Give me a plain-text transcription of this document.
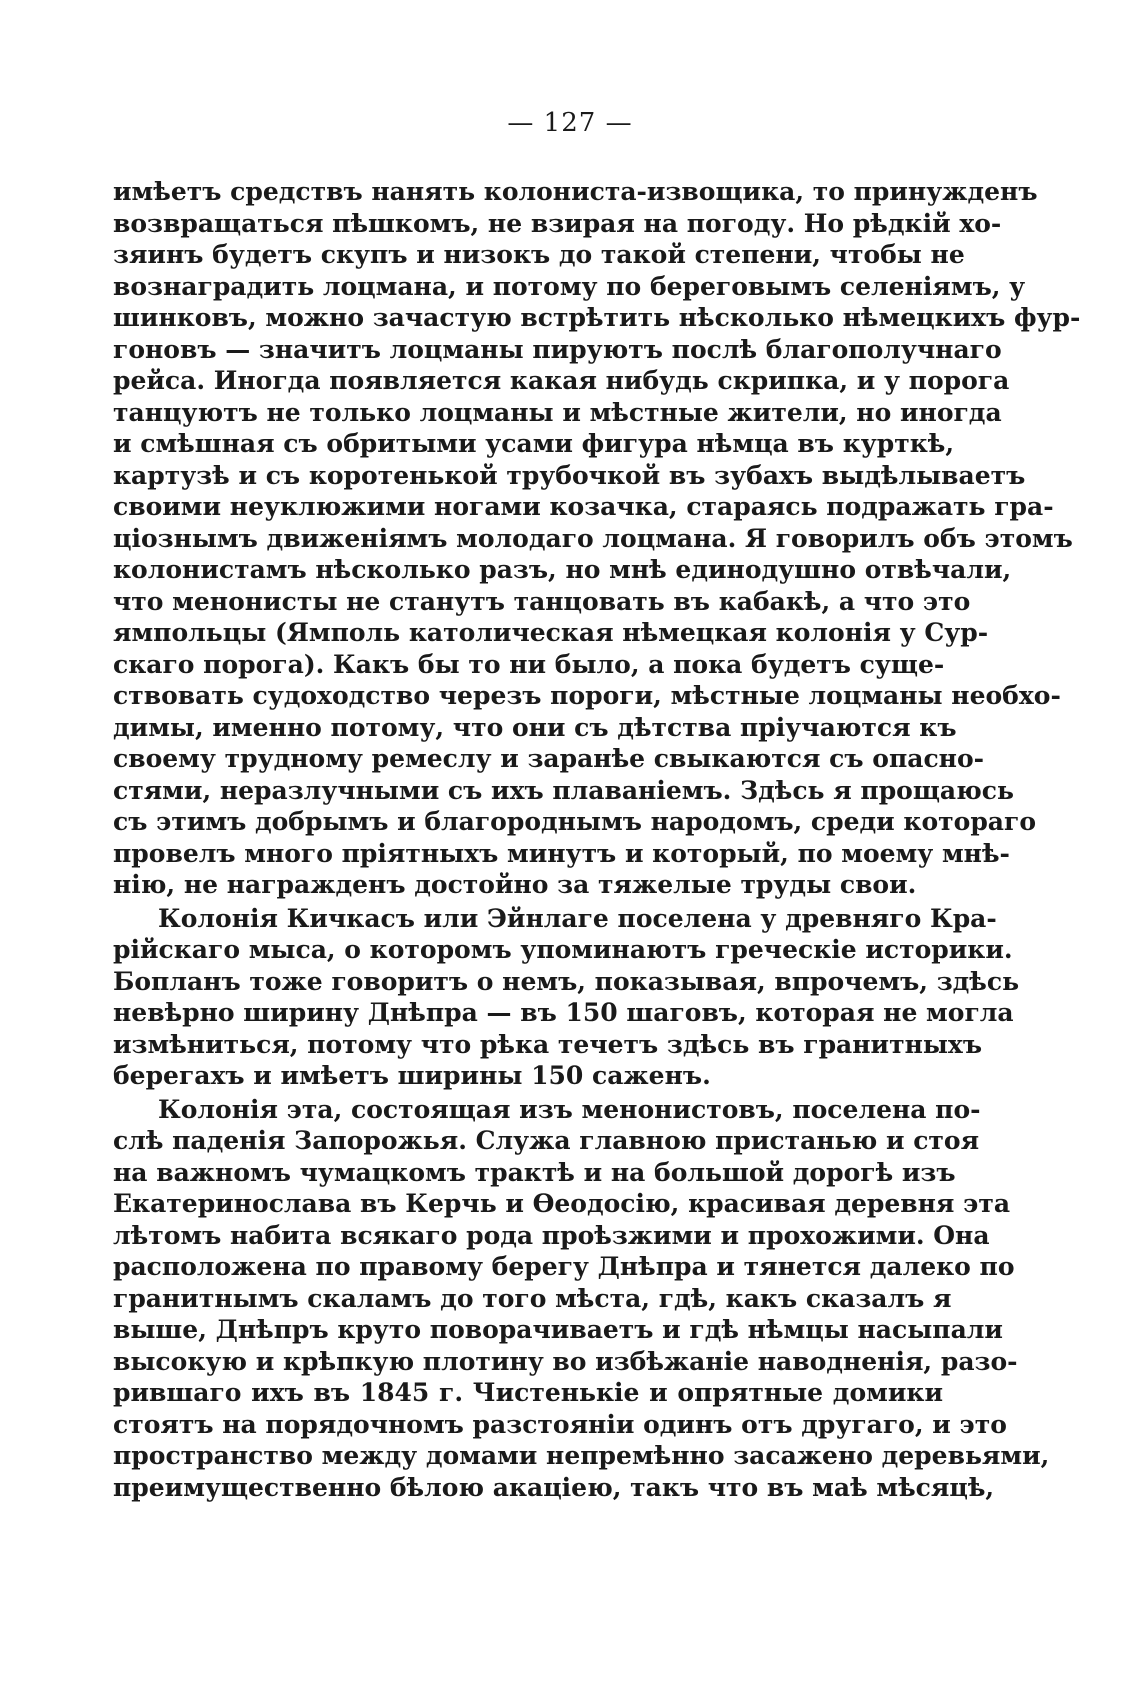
— 127 —
имѣетъ средствъ нанять колониста-извощика, то принужденъ
возвращаться пѣшкомъ, не взирая на погоду. Но рѣдкій хо-
зяинъ будетъ скупъ и низокъ до такой степени, чтобы не
вознаградить лоцмана, и потому по береговымъ селеніямъ, у
шинковъ, можно зачастую встрѣтить нѣсколько нѣмецкихъ фур-
гоновъ — значитъ лоцманы пируютъ послѣ благополучнаго
рейса. Иногда появляется какая нибудь скрипка, и у порога
танцуютъ не только лоцманы и мѣстные жители, но иногда
и смѣшная съ обритыми усами фигура нѣмца въ курткѣ,
картузѣ и съ коротенькой трубочкой въ зубахъ выдѣлываетъ
своими неуклюжими ногами козачка, стараясь подражать гра-
ціознымъ движеніямъ молодаго лоцмана. Я говорилъ объ этомъ
колонистамъ нѣсколько разъ, но мнѣ единодушно отвѣчали,
что менонисты не станутъ танцовать въ кабакѣ, а что это
ямпольцы (Ямполь католическая нѣмецкая колонія у Сур-
скаго порога). Какъ бы то ни было, а пока будетъ суще-
ствовать судоходство черезъ пороги, мѣстные лоцманы необхо-
димы, именно потому, что они съ дѣтства пріучаются къ
своему трудному ремеслу и заранѣе свыкаются съ опасно-
стями, неразлучными съ ихъ плаваніемъ. Здѣсь я прощаюсь
съ этимъ добрымъ и благороднымъ народомъ, среди котораго
провелъ много пріятныхъ минутъ и который, по моему мнѣ-
нію, не награжденъ достойно за тяжелые труды свои.
Колонія Кичкасъ или Эйнлаге поселена у древняго Кра-
рійскаго мыса, о которомъ упоминаютъ греческіе историки.
Бопланъ тоже говоритъ о немъ, показывая, впрочемъ, здѣсь
невѣрно ширину Днѣпра — въ 150 шаговъ, которая не могла
измѣниться, потому что рѣка течетъ здѣсь въ гранитныхъ
берегахъ и имѣетъ ширины 150 саженъ.
Колонія эта, состоящая изъ менонистовъ, поселена по-
слѣ паденія Запорожья. Служа главною пристанью и стоя
на важномъ чумацкомъ трактѣ и на большой дорогѣ изъ
Екатеринослава въ Керчь и Ѳеодосію, красивая деревня эта
лѣтомъ набита всякаго рода проѣзжими и прохожими. Она
расположена по правому берегу Днѣпра и тянется далеко по
гранитнымъ скаламъ до того мѣста, гдѣ, какъ сказалъ я
выше, Днѣпръ круто поворачиваетъ и гдѣ нѣмцы насыпали
высокую и крѣпкую плотину во избѣжаніе наводненія, разо-
рившаго ихъ въ 1845 г. Чистенькіе и опрятные домики
стоятъ на порядочномъ разстояніи одинъ отъ другаго, и это
пространство между домами непремѣнно засажено деревьями,
преимущественно бѣлою акаціею, такъ что въ маѣ мѣсяцѣ,
